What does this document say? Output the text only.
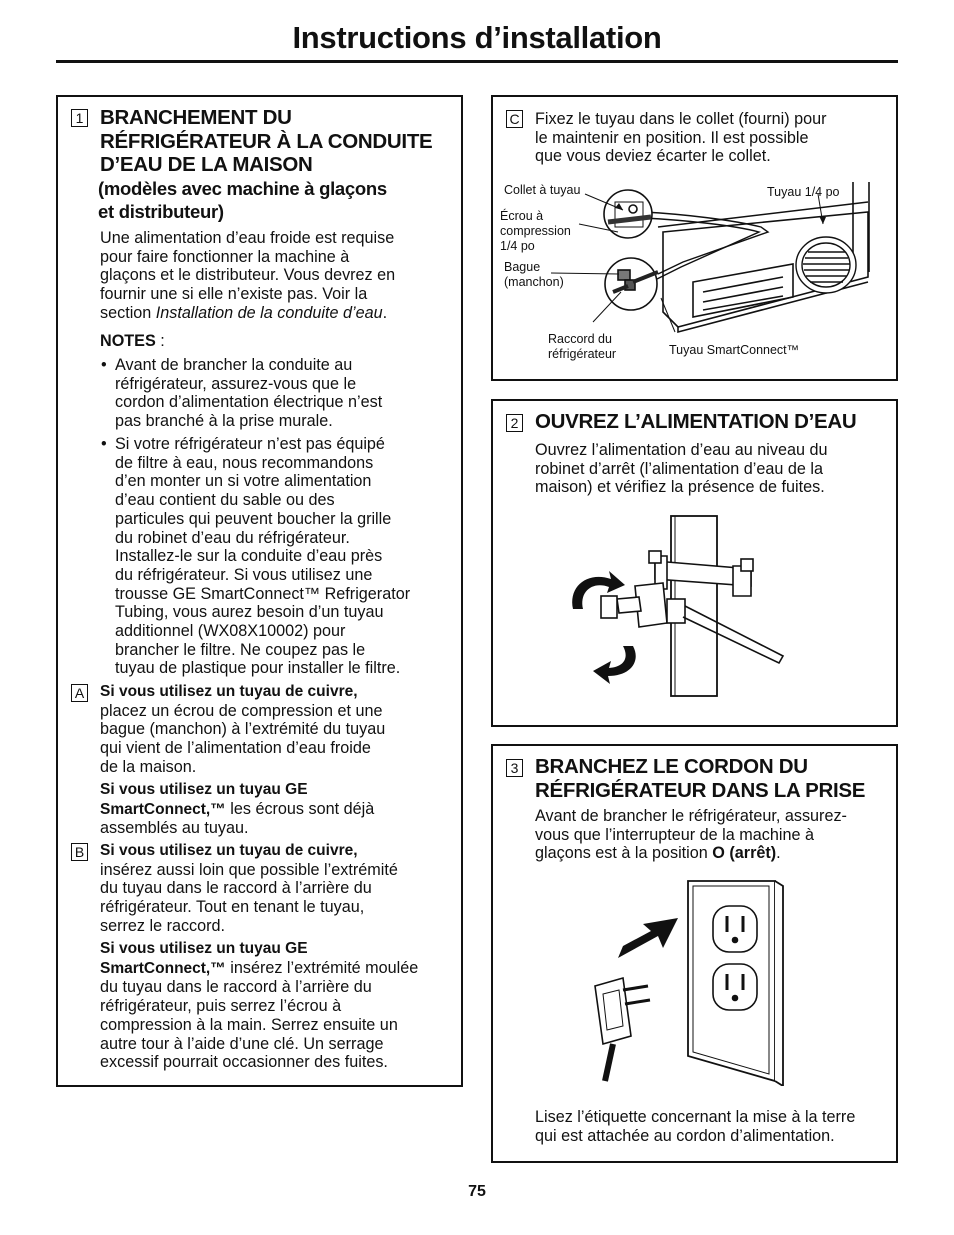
Instructions d’installation
1 BRANCHEMENT DU
RÉFRIGÉRATEUR À LA CONDUITE
D’EAU DE LA MAISON
(modèles avec machine à glaçons
et distributeur)
Une alimentation d’eau froide est requise
pour faire fonctionner la machine à
glaçons et le distributeur. Vous devrez en
fournir une si elle n’existe pas. Voir la
section Installation de la conduite d’eau.
NOTES :
• Avant de brancher la conduite au
réfrigérateur, assurez-vous que le
cordon d’alimentation électrique n’est
pas branché à la prise murale.
• Si votre réfrigérateur n’est pas équipé
de filtre à eau, nous recommandons
d’en monter un si votre alimentation
d’eau contient du sable ou des
particules qui peuvent boucher la grille
du robinet d’eau du réfrigérateur.
Installez-le sur la conduite d’eau près
du réfrigérateur. Si vous utilisez une
trousse GE SmartConnect™ Refrigerator
Tubing, vous aurez besoin d’un tuyau
additionnel (WX08X10002) pour
brancher le filtre. Ne coupez pas le
tuyau de plastique pour installer le filtre.
A Si vous utilisez un tuyau de cuivre,
placez un écrou de compression et une
bague (manchon) à l’extrémité du tuyau
qui vient de l’alimentation d’eau froide
de la maison.
Si vous utilisez un tuyau GE
SmartConnect,™ les écrous sont déjà
assemblés au tuyau.
B Si vous utilisez un tuyau de cuivre,
insérez aussi loin que possible l’extrémité
du tuyau dans le raccord à l’arrière du
réfrigérateur. Tout en tenant le tuyau,
serrez le raccord.
Si vous utilisez un tuyau GE
SmartConnect,™ insérez l’extrémité moulée
du tuyau dans le raccord à l’arrière du
réfrigérateur, puis serrez l’écrou à
compression à la main. Serrez ensuite un
autre tour à l’aide d’une clé. Un serrage
excessif pourrait occasionner des fuites.
C Fixez le tuyau dans le collet (fourni) pour
le maintenir en position. Il est possible
que vous deviez écarter le collet.
Collet à tuyau	Tuyau 1/4 po
Écrou à
compression
1/4 po
Bague
(manchon)
Raccord du
réfrigérateur	Tuyau SmartConnect™
2 OUVREZ L’ALIMENTATION D’EAU
Ouvrez l’alimentation d’eau au niveau du
robinet d’arrêt (l’alimentation d’eau de la
maison) et vérifiez la présence de fuites.
3 BRANCHEZ LE CORDON DU
RÉFRIGÉRATEUR DANS LA PRISE
Avant de brancher le réfrigérateur, assurez-
vous que l’interrupteur de la machine à
glaçons est à la position O (arrêt).
Lisez l’étiquette concernant la mise à la terre
qui est attachée au cordon d’alimentation.
75
